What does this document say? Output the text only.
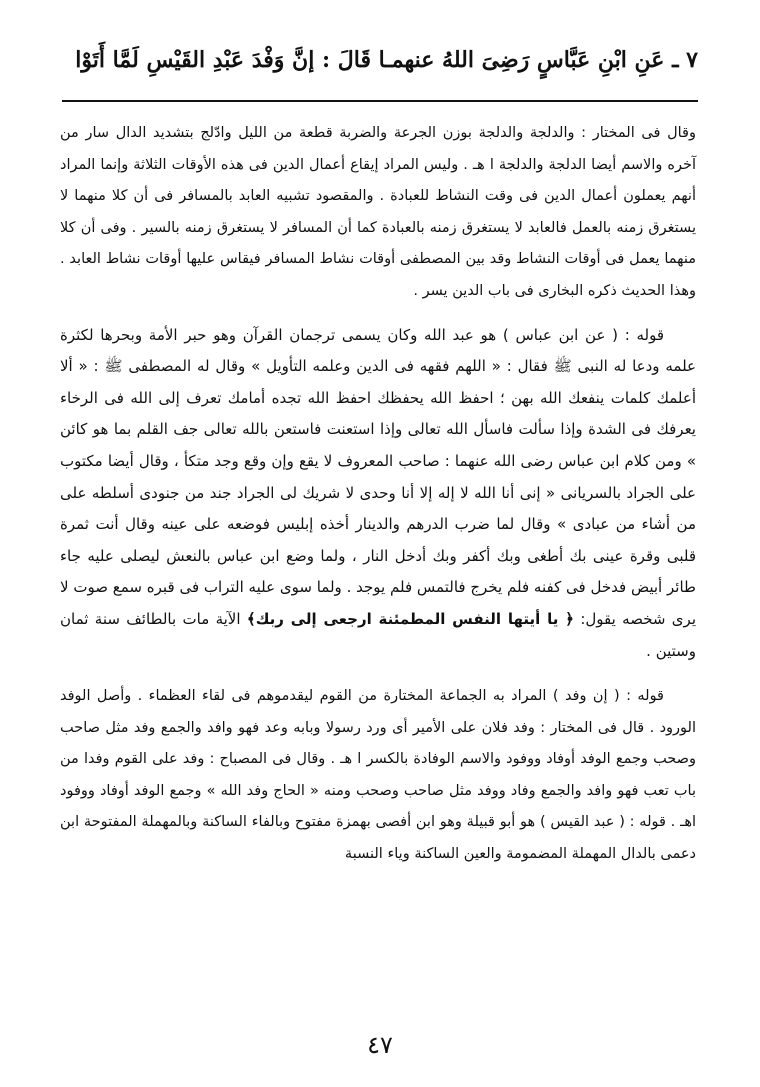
٧ ـ عَنِ ابْنِ عَبَّاسٍ رَضِىَ اللهُ عنهمـا قَالَ : إنَّ وَفْدَ عَبْدِ القَيْسِ لَمَّا أَتَوْا

وقال فى المختار : والدلجة والدلجة بوزن الجرعة والضربة قطعة من الليل وادّلج بتشديد الدال سار من آخره والاسم أيضا الدلجة والدلجة ا هـ . وليس المراد إيقاع أعمال الدين فى هذه الأوقات الثلاثة وإنما المراد أنهم يعملون أعمال الدين فى وقت النشاط للعبادة . والمقصود تشبيه العابد بالمسافر فى أن كلا منهما لا يستغرق زمنه بالعمل فالعابد لا يستغرق زمنه بالعبادة كما أن المسافر لا يستغرق زمنه بالسير . وفى أن كلا منهما يعمل فى أوقات النشاط وقد بين المصطفى أوقات نشاط المسافر فيقاس عليها أوقات نشاط العابد . وهذا الحديث ذكره البخارى فى باب الدين يسر .

قوله : ( عن ابن عباس ) هو عبد الله وكان يسمى ترجمان القرآن وهو حبر الأمة وبحرها لكثرة علمه ودعا له النبى ﷺ فقال : « اللهم فقهه فى الدين وعلمه التأويل » وقال له المصطفى ﷺ : « ألا أعلمك كلمات ينفعك الله بهن ؛ احفظ الله يحفظك احفظ الله تجده أمامك تعرف إلى الله فى الرخاء يعرفك فى الشدة وإذا سألت فاسأل الله تعالى وإذا استعنت فاستعن بالله تعالى جف القلم بما هو كائن » ومن كلام ابن عباس رضى الله عنهما : صاحب المعروف لا يقع وإن وقع وجد متكأ ، وقال أيضا مكتوب على الجراد بالسريانى « إنى أنا الله لا إله إلا أنا وحدى لا شريك لى الجراد جند من جنودى أسلطه على من أشاء من عبادى » وقال لما ضرب الدرهم والدينار أخذه إبليس فوضعه على عينه وقال أنت ثمرة قلبى وقرة عينى بك أطغى وبك أكفر وبك أدخل النار ، ولما وضع ابن عباس بالنعش ليصلى عليه جاء طائر أبيض فدخل فى كفنه فلم يخرج فالتمس فلم يوجد . ولما سوى عليه التراب فى قبره سمع صوت لا يرى شخصه يقول: ﴿ يا أيتها النفس المطمئنة ارجعى إلى ربك﴾ الآية مات بالطائف سنة ثمان وستين .

قوله : ( إن وفد ) المراد به الجماعة المختارة من القوم ليقدموهم فى لقاء العظماء . وأصل الوفد الورود . قال فى المختار : وفد فلان على الأمير أى ورد رسولا وبابه وعد فهو وافد والجمع وفد مثل صاحب وصحب وجمع الوفد أوفاد ووفود والاسم الوفادة بالكسر ا هـ . وقال فى المصباح : وفد على القوم وفدا من باب تعب فهو وافد والجمع وفاد ووفد مثل صاحب وصحب ومنه « الحاج وفد الله » وجمع الوفد أوفاد ووفود اهـ . قوله : ( عبد القيس ) هو أبو قبيلة وهو ابن أفصى بهمزة مفتوح وبالفاء الساكنة وبالمهملة المفتوحة ابن دعمى بالدال المهملة المضمومة والعين الساكنة وياء النسبة

٤٧
